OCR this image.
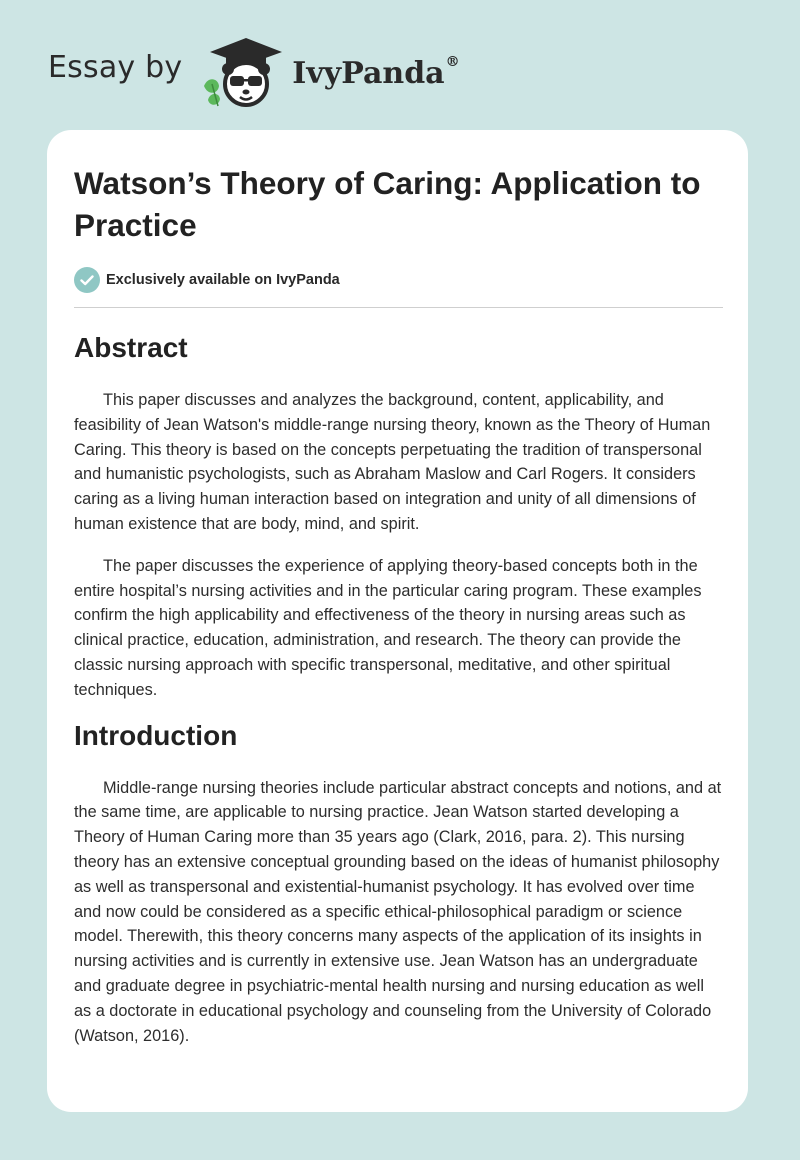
Essay by	IvyPanda®
Watson’s Theory of Caring: Application to Practice
Exclusively available on IvyPanda
Abstract

This paper discusses and analyzes the background, content, applicability, and feasibility of Jean Watson's middle-range nursing theory, known as the Theory of Human Caring. This theory is based on the concepts perpetuating the tradition of transpersonal and humanistic psychologists, such as Abraham Maslow and Carl Rogers. It considers caring as a living human interaction based on integration and unity of all dimensions of human existence that are body, mind, and spirit.

The paper discusses the experience of applying theory-based concepts both in the entire hospital’s nursing activities and in the particular caring program. These examples confirm the high applicability and effectiveness of the theory in nursing areas such as clinical practice, education, administration, and research. The theory can provide the classic nursing approach with specific transpersonal, meditative, and other spiritual techniques.

Introduction

Middle-range nursing theories include particular abstract concepts and notions, and at the same time, are applicable to nursing practice. Jean Watson started developing a Theory of Human Caring more than 35 years ago (Clark, 2016, para. 2). This nursing theory has an extensive conceptual grounding based on the ideas of humanist philosophy as well as transpersonal and existential-humanist psychology. It has evolved over time and now could be considered as a specific ethical-philosophical paradigm or science model. Therewith, this theory concerns many aspects of the application of its insights in nursing activities and is currently in extensive use. Jean Watson has an undergraduate and graduate degree in psychiatric-mental health nursing and nursing education as well as a doctorate in educational psychology and counseling from the University of Colorado (Watson, 2016).
